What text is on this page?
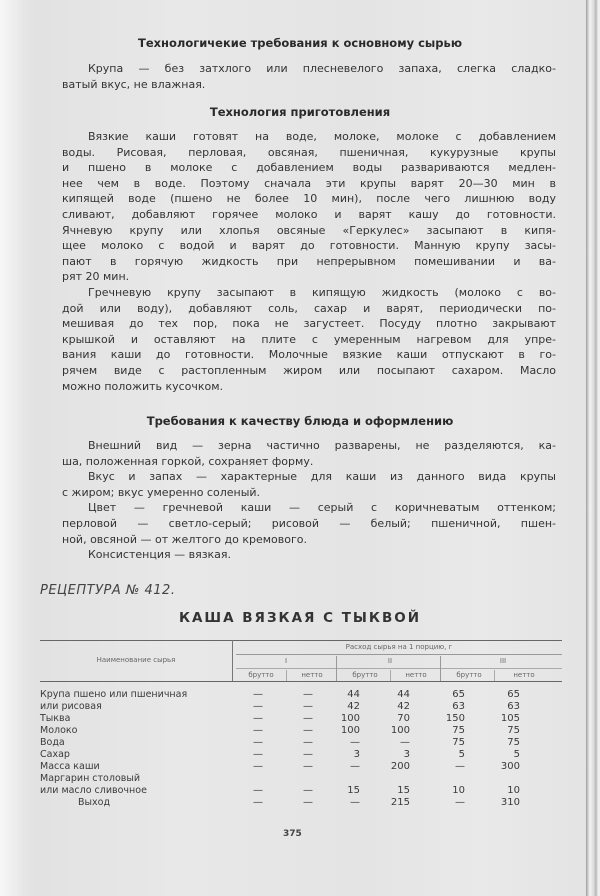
Технологичекие требования к основному сырью
Крупа — без затхлого или плесневелого запаха, слегка сладко-
ватый вкус, не влажная.
Технология приготовления
Вязкие каши готовят на воде, молоке, молоке с добавлением
воды. Рисовая, перловая, овсяная, пшеничная, кукурузные крупы
и пшено в молоке с добавлением воды развариваются медлен-
нее чем в воде. Поэтому сначала эти крупы варят 20—30 мин в
кипящей воде (пшено не более 10 мин), после чего лишнюю воду
сливают, добавляют горячее молоко и варят кашу до готовности.
Ячневую крупу или хлопья овсяные «Геркулес» засыпают в кипя-
щее молоко с водой и варят до готовности. Манную крупу засы-
пают в горячую жидкость при непрерывном помешивании и ва-
рят 20 мин.
Гречневую крупу засыпают в кипящую жидкость (молоко с во-
дой или воду), добавляют соль, сахар и варят, периодически по-
мешивая до тех пор, пока не загустеет. Посуду плотно закрывают
крышкой и оставляют на плите с умеренным нагревом для упре-
вания каши до готовности. Молочные вязкие каши отпускают в го-
рячем виде с растопленным жиром или посыпают сахаром. Масло
можно положить кусочком.
Требования к качеству блюда и оформлению
Внешний вид — зерна частично разварены, не разделяются, ка-
ша, положенная горкой, сохраняет форму.
Вкус и запах — характерные для каши из данного вида крупы
с жиром; вкус умеренно соленый.
Цвет — гречневой каши — серый с коричневатым оттенком;
перловой — светло-серый; рисовой — белый; пшеничной, пшен-
ной, овсяной — от желтого до кремового.
Консистенция — вязкая.
РЕЦЕПТУРА № 412.
КАША ВЯЗКАЯ С ТЫКВОЙ
Наименование сырья
Расход сырья на 1 порцию, г
I	II	III
брутто	нетто	брутто	нетто	брутто	нетто
Крупа пшено или пшеничная	—	—	44	44	65	65
или рисовая	—	—	42	42	63	63
Тыква	—	—	100	70	150	105
Молоко	—	—	100	100	75	75
Вода	—	—	—	—	75	75
Сахар	—	—	3	3	5	5
Масса каши	—	—	—	200	—	300
Маргарин столовый
или масло сливочное	—	—	15	15	10	10
Выход	—	—	—	215	—	310
375
